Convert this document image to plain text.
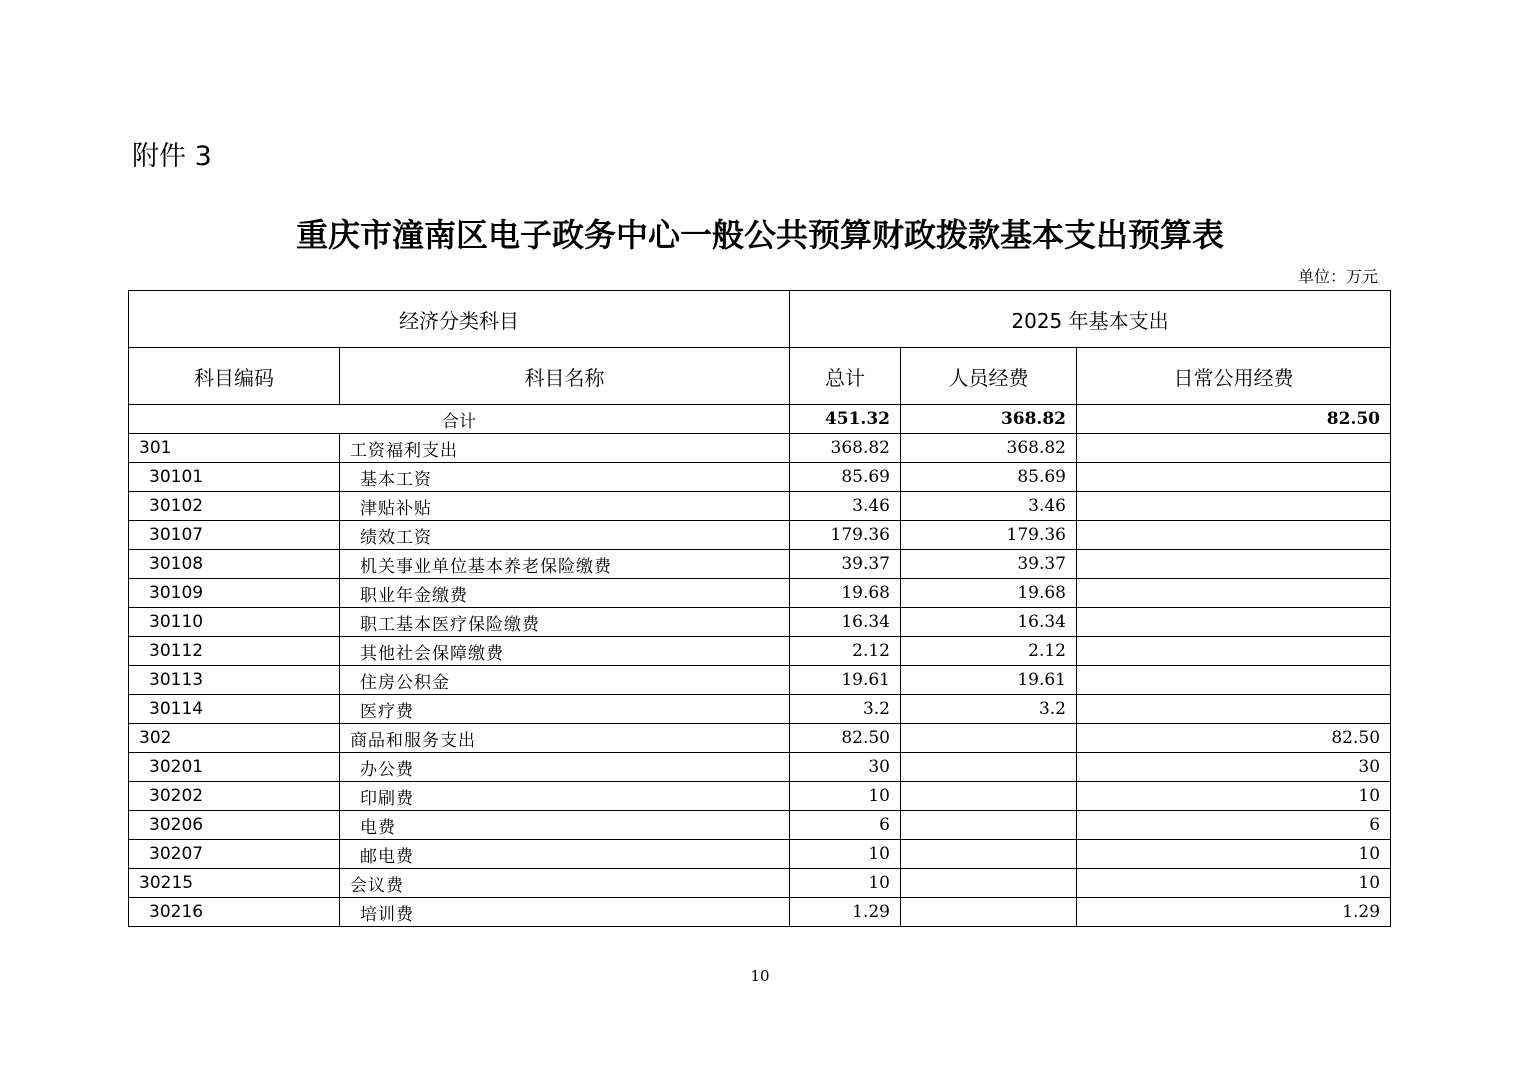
附件 3
重庆市潼南区电子政务中心一般公共预算财政拨款基本支出预算表
单位：万元
经济分类科目		2025 年基本支出		
科目编码	科目名称	总计	人员经费	日常公用经费
合计		451.32	368.82	82.50
301	工资福利支出	368.82	368.82	
30101	基本工资	85.69	85.69	
30102	津贴补贴	3.46	3.46	
30107	绩效工资	179.36	179.36	
30108	机关事业单位基本养老保险缴费	39.37	39.37	
30109	职业年金缴费	19.68	19.68	
30110	职工基本医疗保险缴费	16.34	16.34	
30112	其他社会保障缴费	2.12	2.12	
30113	住房公积金	19.61	19.61	
30114	医疗费	3.2	3.2	
302	商品和服务支出	82.50		82.50
30201	办公费	30		30
30202	印刷费	10		10
30206	电费	6		6
30207	邮电费	10		10
30215	会议费	10		10
30216	培训费	1.29		1.29
10
